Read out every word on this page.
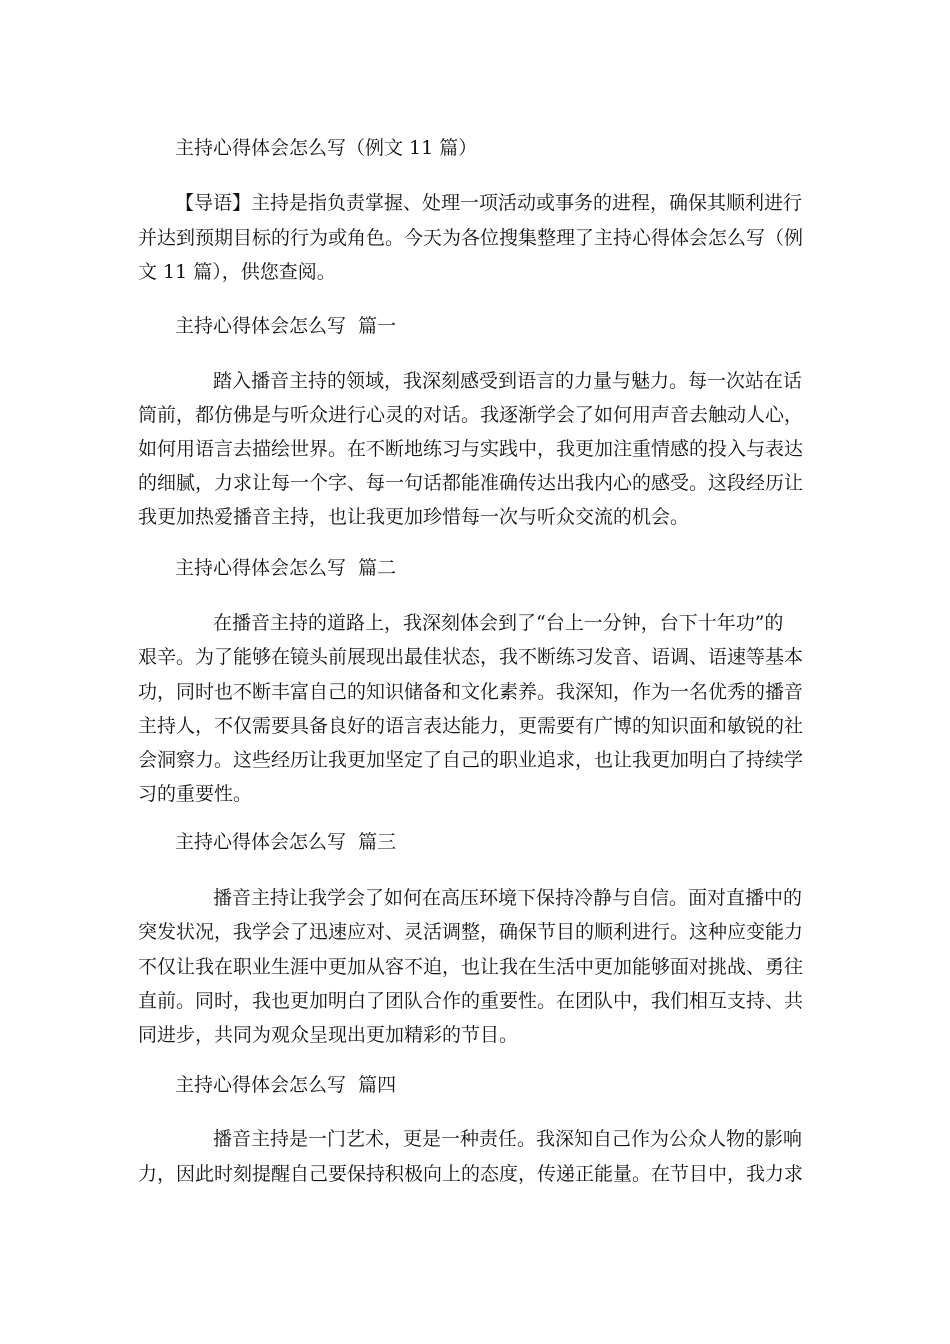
主持心得体会怎么写（例文 11 篇）
【导语】主持是指负责掌握、处理一项活动或事务的进程，确保其顺利进行
并达到预期目标的行为或角色。今天为各位搜集整理了主持心得体会怎么写（例
文 11 篇），供您查阅。
主持心得体会怎么写  篇一
踏入播音主持的领域，我深刻感受到语言的力量与魅力。每一次站在话
筒前，都仿佛是与听众进行心灵的对话。我逐渐学会了如何用声音去触动人心，
如何用语言去描绘世界。在不断地练习与实践中，我更加注重情感的投入与表达
的细腻，力求让每一个字、每一句话都能准确传达出我内心的感受。这段经历让
我更加热爱播音主持，也让我更加珍惜每一次与听众交流的机会。
主持心得体会怎么写  篇二
在播音主持的道路上，我深刻体会到了“台上一分钟，台下十年功”的
艰辛。为了能够在镜头前展现出最佳状态，我不断练习发音、语调、语速等基本
功，同时也不断丰富自己的知识储备和文化素养。我深知，作为一名优秀的播音
主持人，不仅需要具备良好的语言表达能力，更需要有广博的知识面和敏锐的社
会洞察力。这些经历让我更加坚定了自己的职业追求，也让我更加明白了持续学
习的重要性。
主持心得体会怎么写  篇三
播音主持让我学会了如何在高压环境下保持冷静与自信。面对直播中的
突发状况，我学会了迅速应对、灵活调整，确保节目的顺利进行。这种应变能力
不仅让我在职业生涯中更加从容不迫，也让我在生活中更加能够面对挑战、勇往
直前。同时，我也更加明白了团队合作的重要性。在团队中，我们相互支持、共
同进步，共同为观众呈现出更加精彩的节目。
主持心得体会怎么写  篇四
播音主持是一门艺术，更是一种责任。我深知自己作为公众人物的影响
力，因此时刻提醒自己要保持积极向上的态度，传递正能量。在节目中，我力求
